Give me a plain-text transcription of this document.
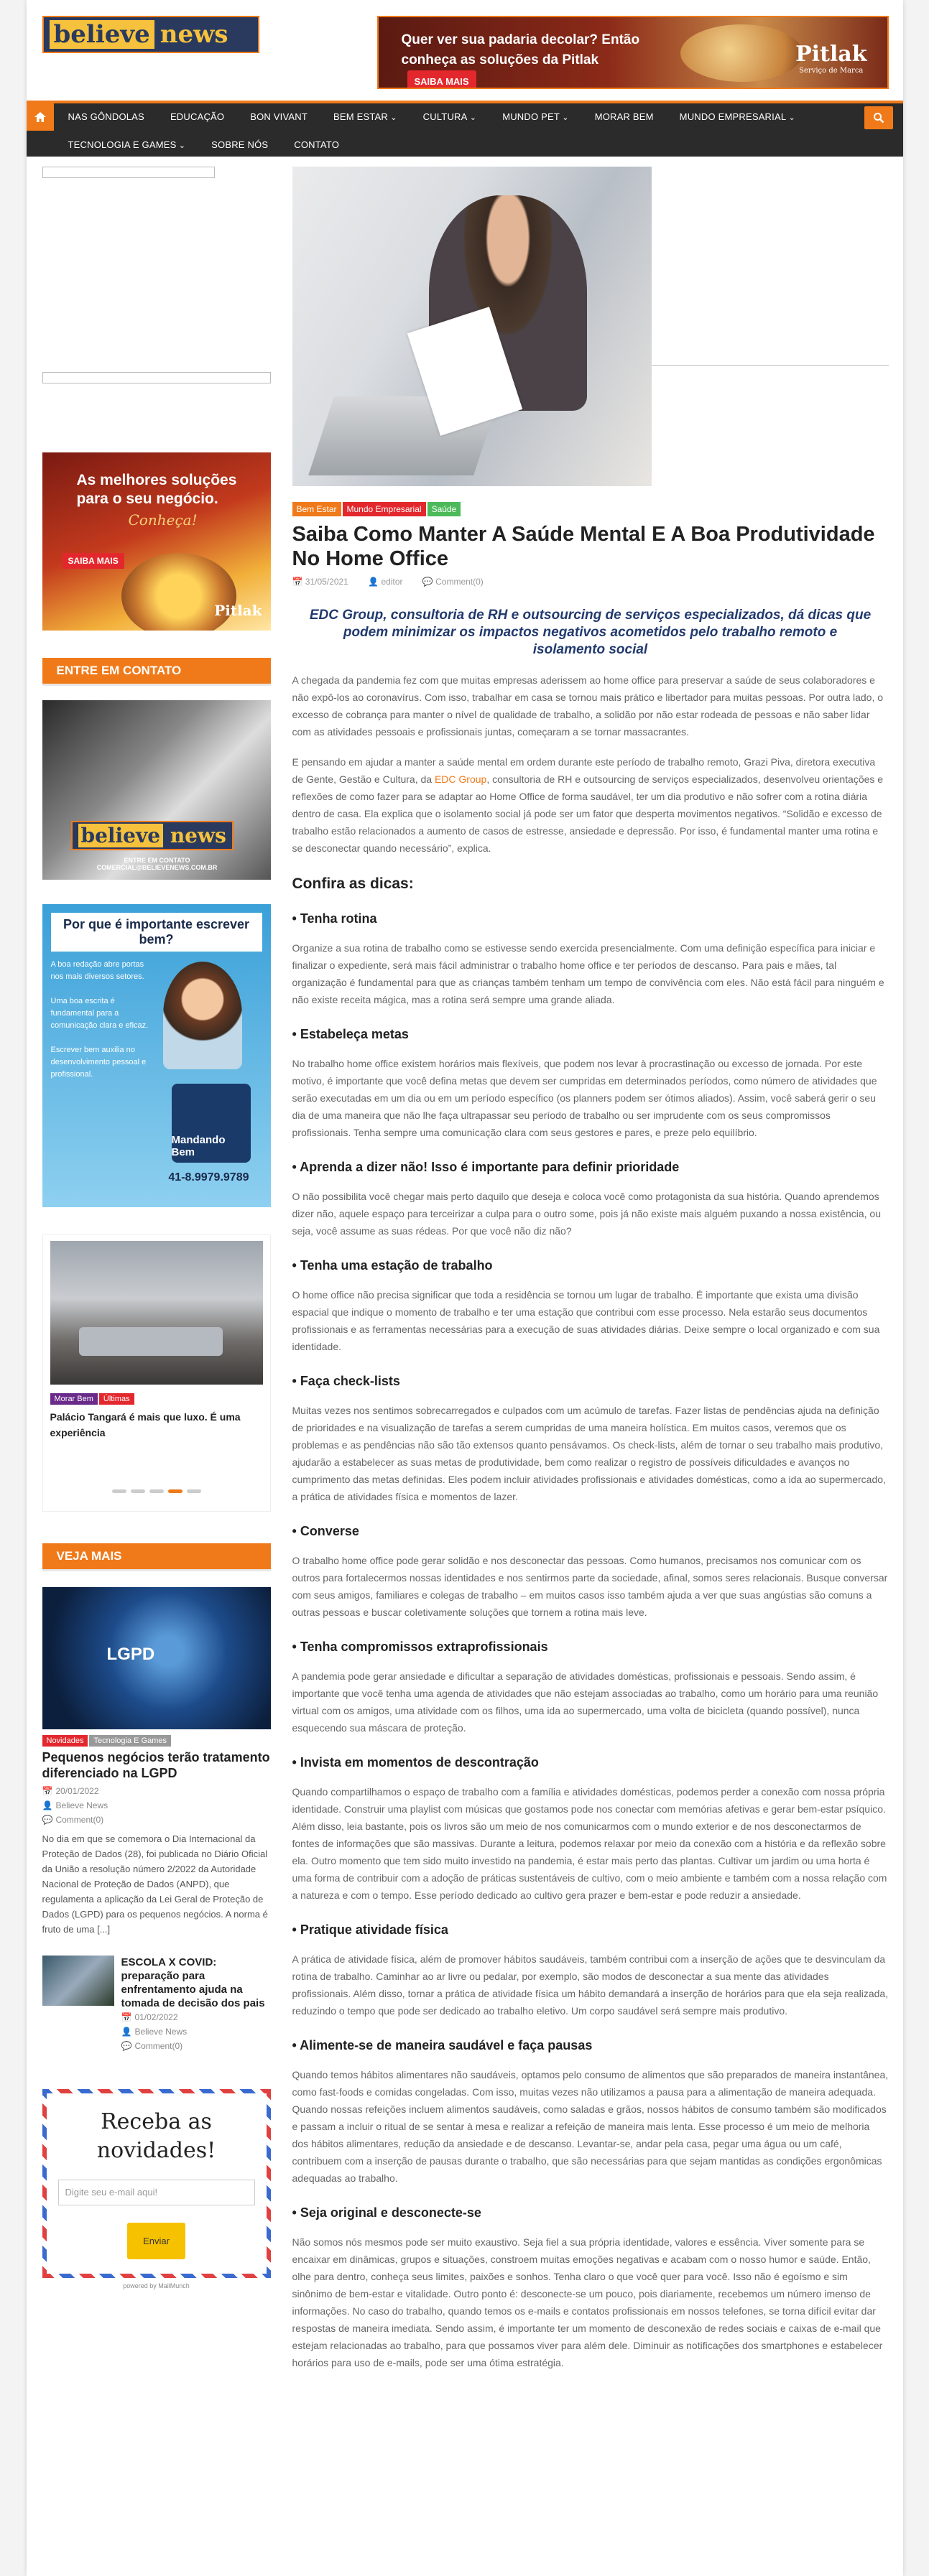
believe news	Quer ver sua padaria decolar? Então conheça as soluções da PitlakSAIBA MAIS
Pitlak
Serviço de Marca
NAS GÔNDOLAS	EDUCAÇÃO	BON VIVANT	BEM ESTAR ⌄	CULTURA ⌄	MUNDO PET ⌄	MORAR BEM	MUNDO EMPRESARIAL ⌄TECNOLOGIA E GAMES ⌄	SOBRE NÓS	CONTATO
As melhores soluções para o seu negócio.
Conheça!
SAIBA MAIS
Pitlak
ENTRE EM CONTATO
believe news
ENTRE EM CONTATO
COMERCIAL@BELIEVENEWS.COM.BR
Por que é importante escrever bem?
A boa redação abre portas nos mais diversos setores.

Uma boa escrita é fundamental para a comunicação clara e eficaz.

Escrever bem auxilia no desenvolvimento pessoal e profissional.
Mandando Bem
41-8.9979.9789
Morar Bem Últimas
Palácio Tangará é mais que luxo. É uma experiência
VEJA MAIS
LGPD
Novidades Tecnologia E Games
Pequenos negócios terão tratamento diferenciado na LGPD
📅 20/01/2022
👤 Believe News
💬 Comment(0)
No dia em que se comemora o Dia Internacional da Proteção de Dados (28), foi publicada no Diário Oficial da União a resolução número 2/2022 da Autoridade Nacional de Proteção de Dados (ANPD), que regulamenta a aplicação da Lei Geral de Proteção de Dados (LGPD) para os pequenos negócios. A norma é fruto de uma [...]
ESCOLA X COVID: preparação para enfrentamento ajuda na tomada de decisão dos pais
📅 01/02/2022
👤 Believe News
💬 Comment(0)
Receba as novidades!
Digite seu e-mail aqui!
Enviar
powered by MailMunch
Bem Estar Mundo Empresarial Saúde
Saiba Como Manter A Saúde Mental E A Boa Produtividade No Home Office
📅 31/05/2021 👤 editor 💬 Comment(0)
EDC Group, consultoria de RH e outsourcing de serviços especializados, dá dicas que podem minimizar os impactos negativos acometidos pelo trabalho remoto e isolamento social

A chegada da pandemia fez com que muitas empresas aderissem ao home office para preservar a saúde de seus colaboradores e não expô-los ao coronavírus. Com isso, trabalhar em casa se tornou mais prático e libertador para muitas pessoas. Por outra lado, o excesso de cobrança para manter o nível de qualidade de trabalho, a solidão por não estar rodeada de pessoas e não saber lidar com as atividades pessoais e profissionais juntas, começaram a se tornar massacrantes.

E pensando em ajudar a manter a saúde mental em ordem durante este período de trabalho remoto, Grazi Piva, diretora executiva de Gente, Gestão e Cultura, da EDC Group, consultoria de RH e outsourcing de serviços especializados, desenvolveu orientações e reflexões de como fazer para se adaptar ao Home Office de forma saudável, ter um dia produtivo e não sofrer com a rotina diária dentro de casa. Ela explica que o isolamento social já pode ser um fator que desperta movimentos negativos. “Solidão e excesso de trabalho estão relacionados a aumento de casos de estresse, ansiedade e depressão. Por isso, é fundamental manter uma rotina e se desconectar quando necessário”, explica.

Confira as dicas:
• Tenha rotina

Organize a sua rotina de trabalho como se estivesse sendo exercida presencialmente. Com uma definição específica para iniciar e finalizar o expediente, será mais fácil administrar o trabalho home office e ter períodos de descanso. Para pais e mães, tal organização é fundamental para que as crianças também tenham um tempo de convivência com eles. Não está fácil para ninguém e não existe receita mágica, mas a rotina será sempre uma grande aliada.

• Estabeleça metas

No trabalho home office existem horários mais flexíveis, que podem nos levar à procrastinação ou excesso de jornada. Por este motivo, é importante que você defina metas que devem ser cumpridas em determinados períodos, como número de atividades que serão executadas em um dia ou em um período específico (os planners podem ser ótimos aliados). Assim, você saberá gerir o seu dia de uma maneira que não lhe faça ultrapassar seu período de trabalho ou ser imprudente com os seus compromissos profissionais. Tenha sempre uma comunicação clara com seus gestores e pares, e preze pelo equilíbrio.

• Aprenda a dizer não! Isso é importante para definir prioridade

O não possibilita você chegar mais perto daquilo que deseja e coloca você como protagonista da sua história. Quando aprendemos dizer não, aquele espaço para terceirizar a culpa para o outro some, pois já não existe mais alguém puxando a nossa existência, ou seja, você assume as suas rédeas. Por que você não diz não?

• Tenha uma estação de trabalho

O home office não precisa significar que toda a residência se tornou um lugar de trabalho. É importante que exista uma divisão espacial que indique o momento de trabalho e ter uma estação que contribui com esse processo. Nela estarão seus documentos profissionais e as ferramentas necessárias para a execução de suas atividades diárias. Deixe sempre o local organizado e com sua identidade.

• Faça check-lists

Muitas vezes nos sentimos sobrecarregados e culpados com um acúmulo de tarefas. Fazer listas de pendências ajuda na definição de prioridades e na visualização de tarefas a serem cumpridas de uma maneira holística. Em muitos casos, veremos que os problemas e as pendências não são tão extensos quanto pensávamos. Os check-lists, além de tornar o seu trabalho mais produtivo, ajudarão a estabelecer as suas metas de produtividade, bem como realizar o registro de possíveis dificuldades e avanços no cumprimento das metas definidas. Eles podem incluir atividades profissionais e atividades domésticas, como a ida ao supermercado, a prática de atividades física e momentos de lazer.

• Converse

O trabalho home office pode gerar solidão e nos desconectar das pessoas. Como humanos, precisamos nos comunicar com os outros para fortalecermos nossas identidades e nos sentirmos parte da sociedade, afinal, somos seres relacionais. Busque conversar com seus amigos, familiares e colegas de trabalho – em muitos casos isso também ajuda a ver que suas angústias são comuns a outras pessoas e buscar coletivamente soluções que tornem a rotina mais leve.

• Tenha compromissos extraprofissionais

A pandemia pode gerar ansiedade e dificultar a separação de atividades domésticas, profissionais e pessoais. Sendo assim, é importante que você tenha uma agenda de atividades que não estejam associadas ao trabalho, como um horário para uma reunião virtual com os amigos, uma atividade com os filhos, uma ida ao supermercado, uma volta de bicicleta (quando possível), nunca esquecendo sua máscara de proteção.

• Invista em momentos de descontração

Quando compartilhamos o espaço de trabalho com a família e atividades domésticas, podemos perder a conexão com nossa própria identidade. Construir uma playlist com músicas que gostamos pode nos conectar com memórias afetivas e gerar bem-estar psíquico. Além disso, leia bastante, pois os livros são um meio de nos comunicarmos com o mundo exterior e de nos desconectarmos de fontes de informações que são massivas. Durante a leitura, podemos relaxar por meio da conexão com a história e da reflexão sobre ela. Outro momento que tem sido muito investido na pandemia, é estar mais perto das plantas. Cultivar um jardim ou uma horta é uma forma de contribuir com a adoção de práticas sustentáveis de cultivo, com o meio ambiente e também com a nossa relação com a natureza e com o tempo. Esse período dedicado ao cultivo gera prazer e bem-estar e pode reduzir a ansiedade.

• Pratique atividade física

A prática de atividade física, além de promover hábitos saudáveis, também contribui com a inserção de ações que te desvinculam da rotina de trabalho. Caminhar ao ar livre ou pedalar, por exemplo, são modos de desconectar a sua mente das atividades profissionais. Além disso, tornar a prática de atividade física um hábito demandará a inserção de horários para que ela seja realizada, reduzindo o tempo que pode ser dedicado ao trabalho eletivo. Um corpo saudável será sempre mais produtivo.

• Alimente-se de maneira saudável e faça pausas

Quando temos hábitos alimentares não saudáveis, optamos pelo consumo de alimentos que são preparados de maneira instantânea, como fast-foods e comidas congeladas. Com isso, muitas vezes não utilizamos a pausa para a alimentação de maneira adequada. Quando nossas refeições incluem alimentos saudáveis, como saladas e grãos, nossos hábitos de consumo também são modificados e passam a incluir o ritual de se sentar à mesa e realizar a refeição de maneira mais lenta. Esse processo é um meio de melhoria dos hábitos alimentares, redução da ansiedade e de descanso. Levantar-se, andar pela casa, pegar uma água ou um café, contribuem com a inserção de pausas durante o trabalho, que são necessárias para que sejam mantidas as condições ergonômicas adequadas ao trabalho.

• Seja original e desconecte-se

Não somos nós mesmos pode ser muito exaustivo. Seja fiel a sua própria identidade, valores e essência. Viver somente para se encaixar em dinâmicas, grupos e situações, constroem muitas emoções negativas e acabam com o nosso humor e saúde. Então, olhe para dentro, conheça seus limites, paixões e sonhos. Tenha claro o que você quer para você. Isso não é egoísmo e sim sinônimo de bem-estar e vitalidade. Outro ponto é: desconecte-se um pouco, pois diariamente, recebemos um número imenso de informações. No caso do trabalho, quando temos os e-mails e contatos profissionais em nossos telefones, se torna difícil evitar dar respostas de maneira imediata. Sendo assim, é importante ter um momento de desconexão de redes sociais e caixas de e-mail que estejam relacionadas ao trabalho, para que possamos viver para além dele. Diminuir as notificações dos smartphones e estabelecer horários para uso de e-mails, pode ser uma ótima estratégia.
